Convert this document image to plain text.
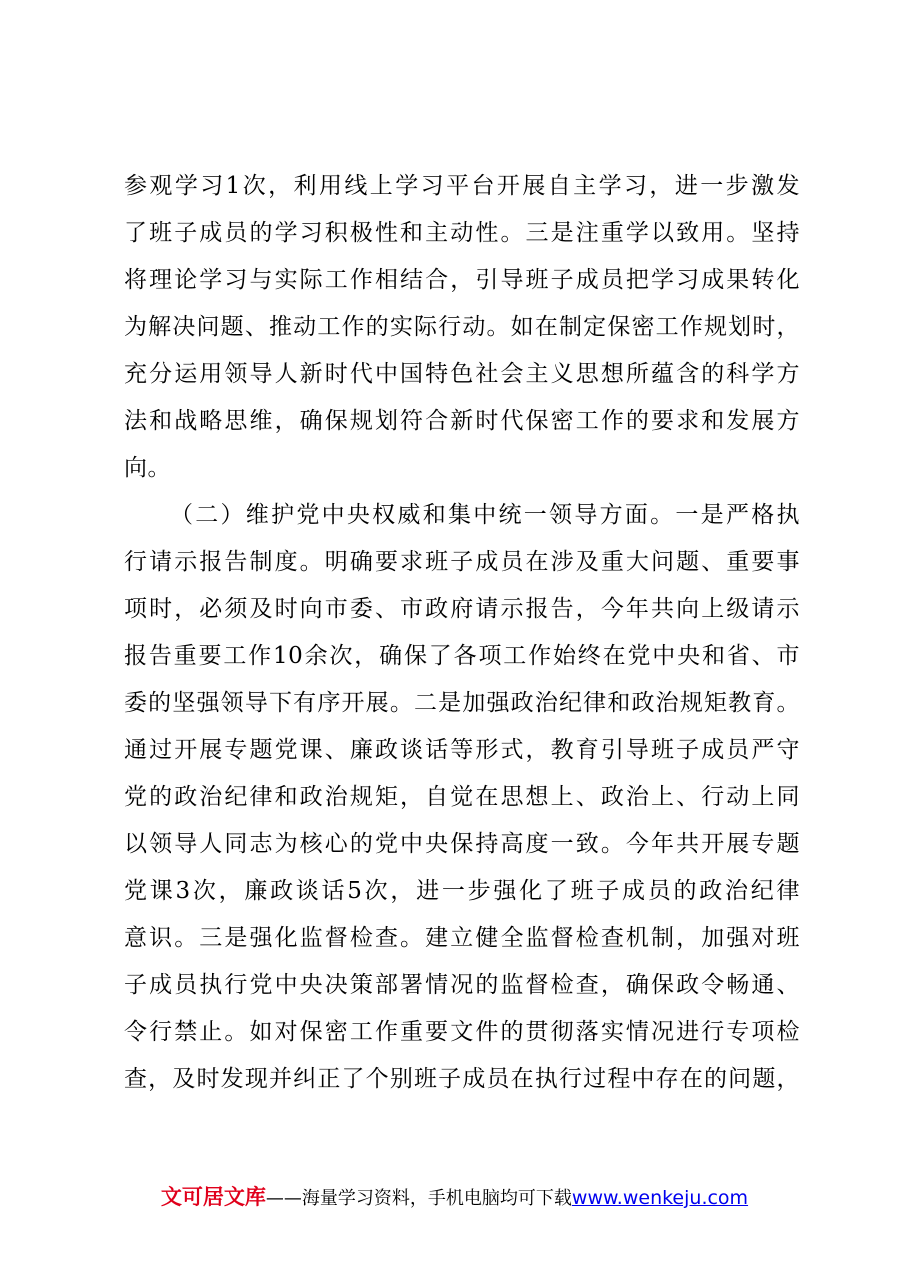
参观学习1次，利用线上学习平台开展自主学习，进一步激发
了班子成员的学习积极性和主动性。三是注重学以致用。坚持
将理论学习与实际工作相结合，引导班子成员把学习成果转化
为解决问题、推动工作的实际行动。如在制定保密工作规划时，
充分运用领导人新时代中国特色社会主义思想所蕴含的科学方
法和战略思维，确保规划符合新时代保密工作的要求和发展方
向。
（二）维护党中央权威和集中统一领导方面。一是严格执
行请示报告制度。明确要求班子成员在涉及重大问题、重要事
项时，必须及时向市委、市政府请示报告，今年共向上级请示
报告重要工作10余次，确保了各项工作始终在党中央和省、市
委的坚强领导下有序开展。二是加强政治纪律和政治规矩教育。
通过开展专题党课、廉政谈话等形式，教育引导班子成员严守
党的政治纪律和政治规矩，自觉在思想上、政治上、行动上同
以领导人同志为核心的党中央保持高度一致。今年共开展专题
党课3次，廉政谈话5次，进一步强化了班子成员的政治纪律
意识。三是强化监督检查。建立健全监督检查机制，加强对班
子成员执行党中央决策部署情况的监督检查，确保政令畅通、
令行禁止。如对保密工作重要文件的贯彻落实情况进行专项检
查，及时发现并纠正了个别班子成员在执行过程中存在的问题，
文可居文库——海量学习资料，手机电脑均可下载www.wenkeju.com
